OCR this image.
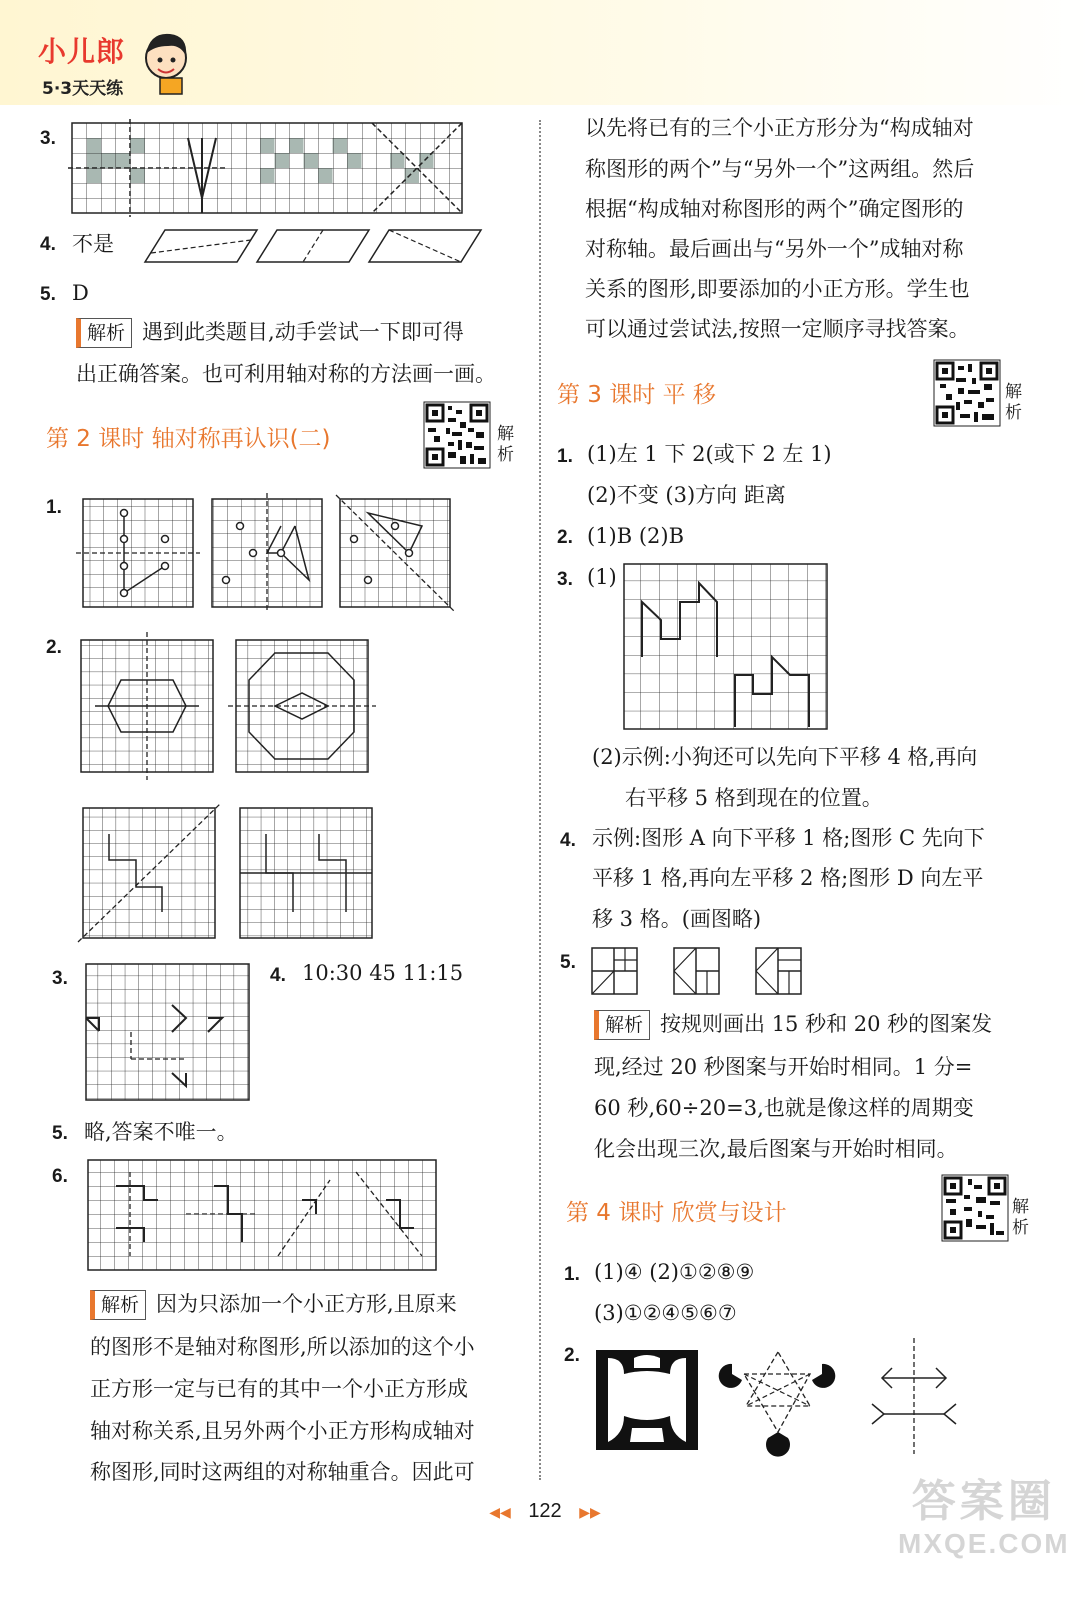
小儿郎
5·3天天练
3.
4. 不是
5. D
解析 遇到此类题目,动手尝试一下即可得
出正确答案。也可利用轴对称的方法画一画。
第 2 课时 轴对称再认识(二)	解析
1.
2.
3.	4. 10:30 45 11:15
5. 略,答案不唯一。
6.
解析 因为只添加一个小正方形,且原来
的图形不是轴对称图形,所以添加的这个小
正方形一定与已有的其中一个小正方形成
轴对称关系,且另外两个小正方形构成轴对
称图形,同时这两组的对称轴重合。因此可
以先将已有的三个小正方形分为“构成轴对
称图形的两个”与“另外一个”这两组。然后
根据“构成轴对称图形的两个”确定图形的
对称轴。最后画出与“另外一个”成轴对称
关系的图形,即要添加的小正方形。学生也
可以通过尝试法,按照一定顺序寻找答案。
第 3 课时 平 移	解析
1. (1)左 1 下 2(或下 2 左 1)
(2)不变 (3)方向 距离
2. (1)B (2)B
3. (1)
(2)示例:小狗还可以先向下平移 4 格,再向
右平移 5 格到现在的位置。
4. 示例:图形 A 向下平移 1 格;图形 C 先向下
平移 1 格,再向左平移 2 格;图形 D 向左平
移 3 格。(画图略)
5.
解析 按规则画出 15 秒和 20 秒的图案发
现,经过 20 秒图案与开始时相同。1 分=
60 秒,60÷20=3,也就是像这样的周期变
化会出现三次,最后图案与开始时相同。
第 4 课时 欣赏与设计	解析
1. (1)④ (2)①②⑧⑨
(3)①②④⑤⑥⑦
2.
◀◀ 122 ▶▶	答案圈
MXQE.COM
